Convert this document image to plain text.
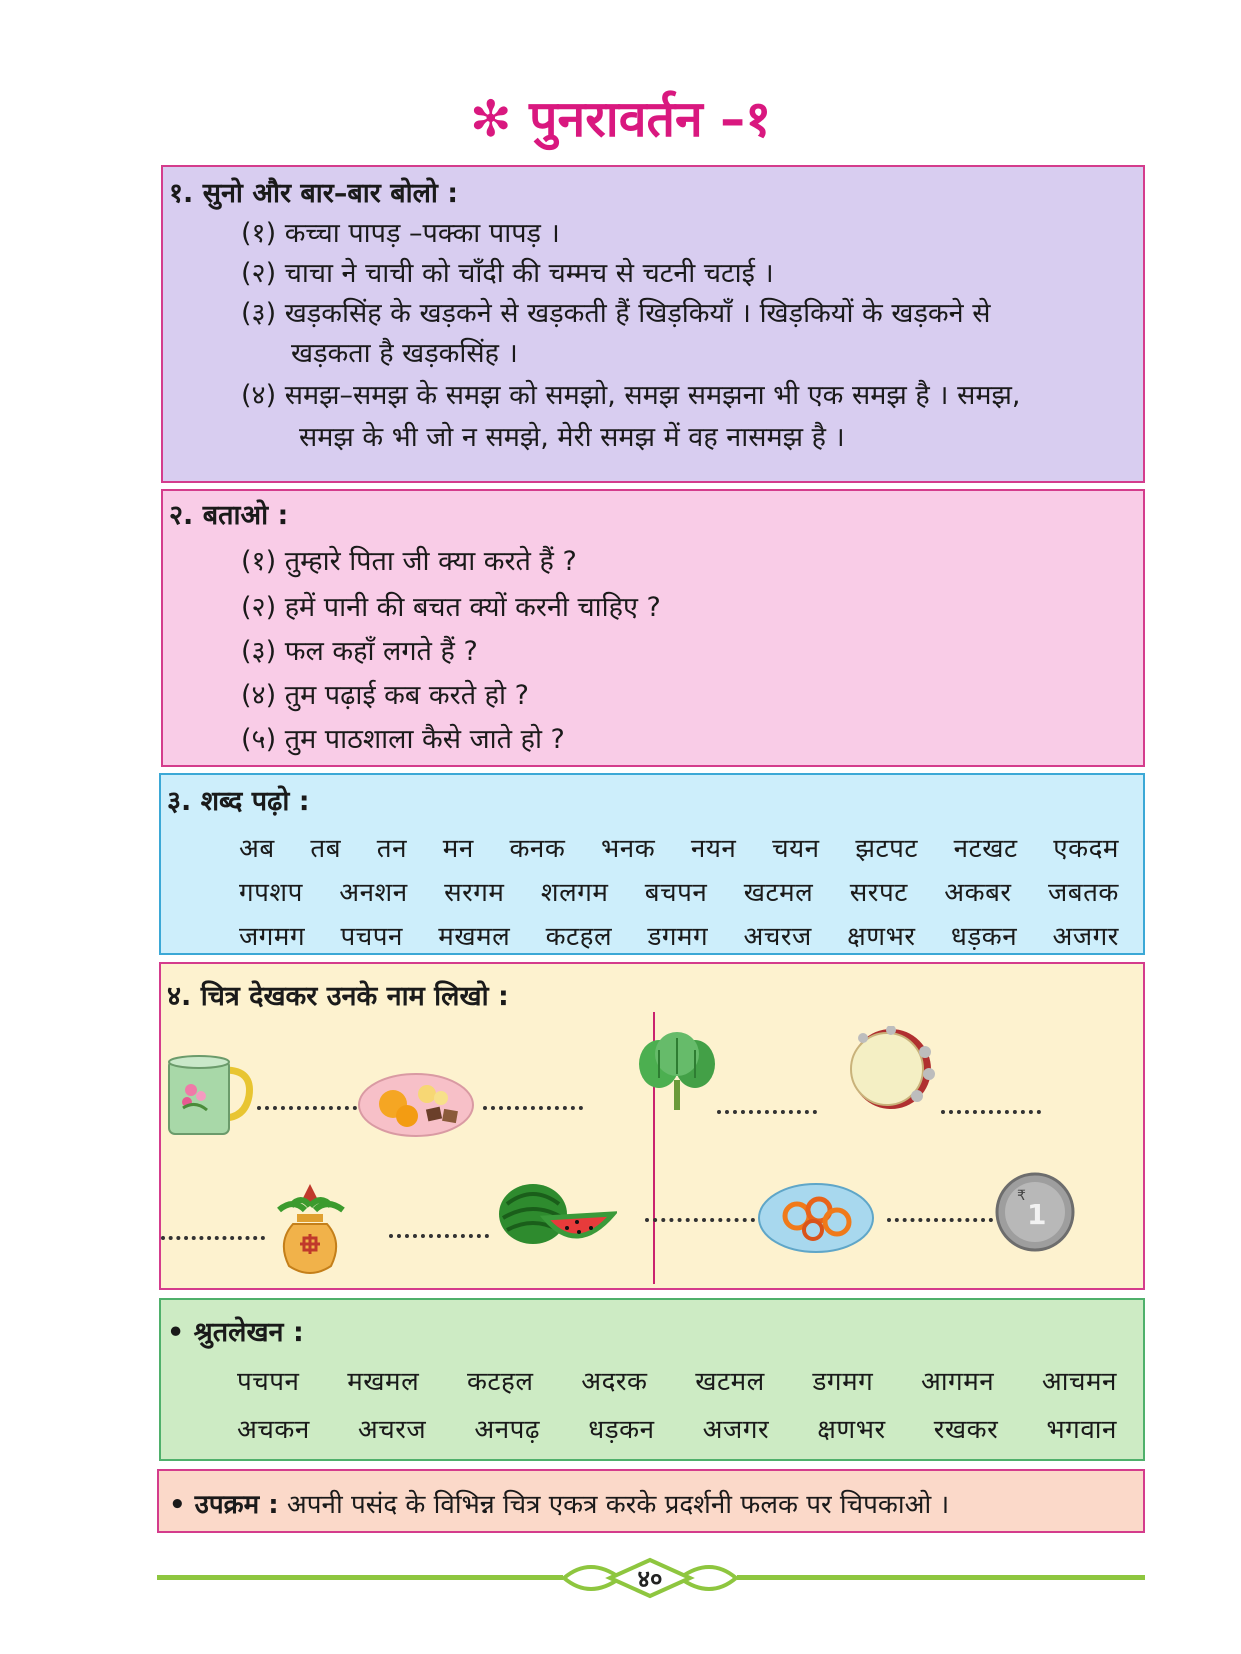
✻ पुनरावर्तन –१
१. सुनो और बार–बार बोलो :
(१) कच्चा पापड़ –पक्का पापड़ ।
(२) चाचा ने चाची को चाँदी की चम्मच से चटनी चटाई ।
(३) खड़कसिंह के खड़कने से खड़कती हैं खिड़कियाँ । खिड़कियों के खड़कने से
खड़कता है खड़कसिंह ।
(४) समझ–समझ के समझ को समझो, समझ समझना भी एक समझ है । समझ,
समझ के भी जो न समझे, मेरी समझ में वह नासमझ है ।
२. बताओ :
(१) तुम्हारे पिता जी क्या करते हैं ?
(२) हमें पानी की बचत क्यों करनी चाहिए ?
(३) फल कहाँ लगते हैं ?
(४) तुम पढ़ाई कब करते हो ?
(५) तुम पाठशाला कैसे जाते हो ?
३. शब्द पढ़ो :
अब तब तन मन कनक भनक नयन चयन झटपट नटखट एकदम
गपशप अनशन सरगम शलगम बचपन खटमल सरपट अकबर जबतक
जगमग पचपन मखमल कटहल डगमग अचरज क्षणभर धड़कन अजगर
४. चित्र देखकर उनके नाम लिखो :
₹
1
• श्रुतलेखन :
पचपन मखमल कटहल अदरक खटमल डगमग आगमन आचमन
अचकन अचरज अनपढ़ धड़कन अजगर क्षणभर रखकर भगवान
• उपक्रम : अपनी पसंद के विभिन्न चित्र एकत्र करके प्रदर्शनी फलक पर चिपकाओ ।
४०
